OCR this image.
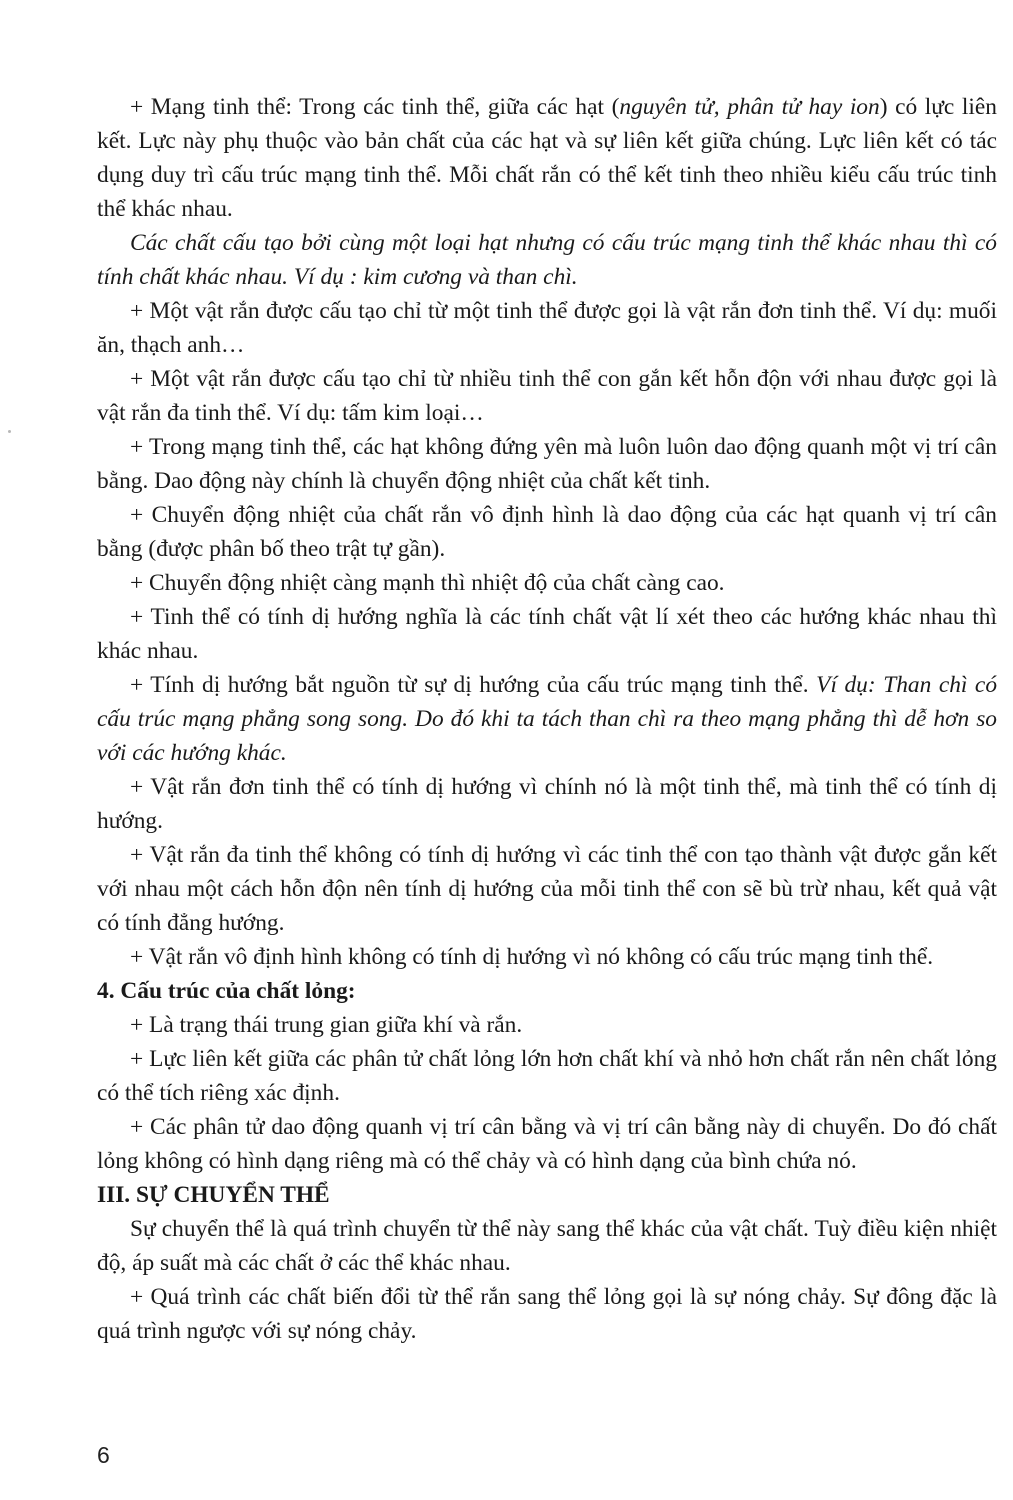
+ Mạng tinh thể: Trong các tinh thể, giữa các hạt (nguyên tử, phân tử hay ion) có lực liên kết. Lực này phụ thuộc vào bản chất của các hạt và sự liên kết giữa chúng. Lực liên kết có tác dụng duy trì cấu trúc mạng tinh thể. Mỗi chất rắn có thể kết tinh theo nhiều kiểu cấu trúc tinh thể khác nhau.

Các chất cấu tạo bởi cùng một loại hạt nhưng có cấu trúc mạng tinh thể khác nhau thì có tính chất khác nhau. Ví dụ : kim cương và than chì.

+ Một vật rắn được cấu tạo chỉ từ một tinh thể được gọi là vật rắn đơn tinh thể. Ví dụ: muối ăn, thạch anh…

+ Một vật rắn được cấu tạo chỉ từ nhiều tinh thể con gắn kết hỗn độn với nhau được gọi là vật rắn đa tinh thể. Ví dụ: tấm kim loại…

+ Trong mạng tinh thể, các hạt không đứng yên mà luôn luôn dao động quanh một vị trí cân bằng. Dao động này chính là chuyển động nhiệt của chất kết tinh.

+ Chuyển động nhiệt của chất rắn vô định hình là dao động của các hạt quanh vị trí cân bằng (được phân bố theo trật tự gần).

+ Chuyển động nhiệt càng mạnh thì nhiệt độ của chất càng cao.

+ Tinh thể có tính dị hướng nghĩa là các tính chất vật lí xét theo các hướng khác nhau thì khác nhau.

+ Tính dị hướng bắt nguồn từ sự dị hướng của cấu trúc mạng tinh thể. Ví dụ: Than chì có cấu trúc mạng phẳng song song. Do đó khi ta tách than chì ra theo mạng phẳng thì dễ hơn so với các hướng khác.

+ Vật rắn đơn tinh thể có tính dị hướng vì chính nó là một tinh thể, mà tinh thể có tính dị hướng.

+ Vật rắn đa tinh thể không có tính dị hướng vì các tinh thể con tạo thành vật được gắn kết với nhau một cách hỗn độn nên tính dị hướng của mỗi tinh thể con sẽ bù trừ nhau, kết quả vật có tính đẳng hướng.

+ Vật rắn vô định hình không có tính dị hướng vì nó không có cấu trúc mạng tinh thể.

4. Cấu trúc của chất lỏng:

+ Là trạng thái trung gian giữa khí và rắn.

+ Lực liên kết giữa các phân tử chất lỏng lớn hơn chất khí và nhỏ hơn chất rắn nên chất lỏng có thể tích riêng xác định.

+ Các phân tử dao động quanh vị trí cân bằng và vị trí cân bằng này di chuyển. Do đó chất lỏng không có hình dạng riêng mà có thể chảy và có hình dạng của bình chứa nó.

III. SỰ CHUYỂN THỂ

Sự chuyển thể là quá trình chuyển từ thể này sang thể khác của vật chất. Tuỳ điều kiện nhiệt độ, áp suất mà các chất ở các thể khác nhau.

+ Quá trình các chất biến đổi từ thể rắn sang thể lỏng gọi là sự nóng chảy. Sự đông đặc là quá trình ngược với sự nóng chảy.

6
